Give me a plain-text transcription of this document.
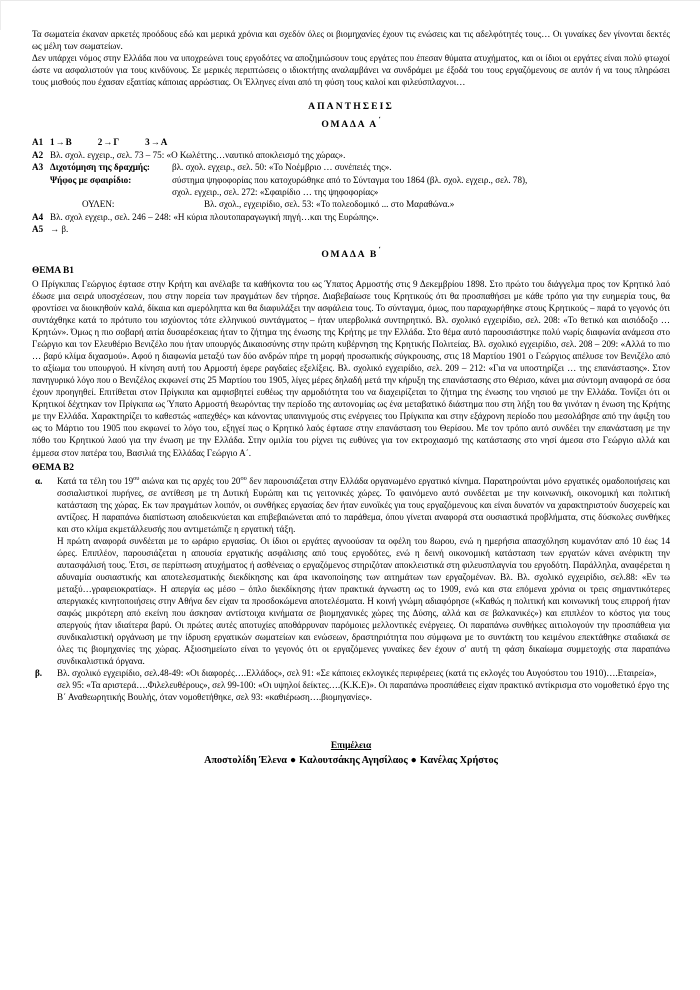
Τα σωματεία έκαναν αρκετές προόδους εδώ και μερικά χρόνια και σχεδόν όλες οι βιομηχανίες έχουν τις ενώσεις και τις αδελφότητές τους… Οι γυναίκες δεν γίνονται δεκτές ως μέλη των σωματείων.

Δεν υπάρχει νόμος στην Ελλάδα που να υποχρεώνει τους εργοδότες να αποζημιώσουν τους εργάτες που έπεσαν θύματα ατυχήματος, και οι ίδιοι οι εργάτες είναι πολύ φτωχοί ώστε να ασφαλιστούν για τους κινδύνους. Σε μερικές περιπτώσεις ο ιδιοκτήτης αναλαμβάνει να συνδράμει με έξοδά του τους εργαζόμενους σε αυτόν ή να τους πληρώσει τους μισθούς που έχασαν εξαιτίας κάποιας αρρώστιας. Οι Έλληνες είναι από τη φύση τους καλοί και φιλεύσπλαχνοι…

ΑΠΑΝΤΗΣΕΙΣ
ΟΜΑΔΑ Α΄
A1 1→Β	2→Γ	3→Α
A2 Βλ. σχολ. εγχειρ., σελ. 73 – 75: «Ο Κωλέττης…ναυτικό αποκλεισμό της χώρας».
A3 Διχοτόμηση της δραχμής:	βλ. σχολ. εγχειρ., σελ. 50: «Το Νοέμβριο … συνέπειές της».
Ψήφος με σφαιρίδιο:	σύστημα ψηφοφορίας που κατοχυρώθηκε από το Σύνταγμα του 1864 (βλ. σχολ. εγχειρ., σελ. 78),
σχολ. εγχειρ., σελ. 272: «Σφαιρίδιο … της ψηφοφορίας»
ΟΥΛΕΝ:	Βλ. σχολ., εγχειρίδιο, σελ. 53: «Το πολεοδομικό ... στο Μαραθώνα.»
A4 Βλ. σχολ εγχειρ., σελ. 246 – 248: «Η κύρια πλουτοπαραγωγική πηγή…και της Ευρώπης».
A5 → β.
ΟΜΑΔΑ Β΄
ΘΕΜΑ Β1

Ο Πρίγκιπας Γεώργιος έφτασε στην Κρήτη και ανέλαβε τα καθήκοντα του ως Ύπατος Αρμοστής στις 9 Δεκεμβρίου 1898. Στο πρώτο του διάγγελμα προς τον Κρητικό λαό έδωσε μια σειρά υποσχέσεων, που στην πορεία των πραγμάτων δεν τήρησε. Διαβεβαίωσε τους Κρητικούς ότι θα προσπαθήσει με κάθε τρόπο για την ευημερία τους, θα φροντίσει να διοικηθούν καλά, δίκαια και αμερόληπτα και θα διαφυλάξει την ασφάλεια τους. Το σύνταγμα, όμως, που παραχωρήθηκε στους Κρητικούς – παρά το γεγονός ότι συντάχθηκε κατά το πρότυπο του ισχύοντος τότε ελληνικού συντάγματος – ήταν υπερβολικά συντηρητικό. Βλ. σχολικό εγχειρίδιο, σελ. 208: «Το θετικό και αισιόδοξο … Κρητών». Όμως η πιο σοβαρή αιτία δυσαρέσκειας ήταν το ζήτημα της ένωσης της Κρήτης με την Ελλάδα. Στο θέμα αυτό παρουσιάστηκε πολύ νωρίς διαφωνία ανάμεσα στο Γεώργιο και τον Ελευθέριο Βενιζέλο που ήταν υπουργός Δικαιοσύνης στην πρώτη κυβέρνηση της Κρητικής Πολιτείας. Βλ. σχολικό εγχειρίδιο, σελ. 208 – 209: «Αλλά το πιο … βαρύ κλίμα διχασμού». Αφού η διαφωνία μεταξύ των δύο ανδρών πήρε τη μορφή προσωπικής σύγκρουσης, στις 18 Μαρτίου 1901 ο Γεώργιος απέλυσε τον Βενιζέλο από το αξίωμα του υπουργού. Η κίνηση αυτή του Αρμοστή έφερε ραγδαίες εξελίξεις. Βλ. σχολικό εγχειρίδιο, σελ. 209 – 212: «Για να υποστηρίζει … της επανάστασης». Στον πανηγυρικό λόγο που ο Βενιζέλος εκφωνεί στις 25 Μαρτίου του 1905, λίγες μέρες δηλαδή μετά την κήρυξη της επανάστασης στο Θέρισο, κάνει μια σύντομη αναφορά σε όσα έχουν προηγηθεί. Επιτίθεται στον Πρίγκιπα και αμφισβητεί ευθέως την αρμοδιότητα του να διαχειρίζεται το ζήτημα της ένωσης του νησιού με την Ελλάδα. Τονίζει ότι οι Κρητικοί δέχτηκαν τον Πρίγκιπα ως Ύπατο Αρμοστή θεωρόντας την περίοδο της αυτονομίας ως ένα μεταβατικό διάστημα που στη λήξη του θα γινόταν η ένωση της Κρήτης με την Ελλάδα. Χαρακτηρίζει το καθεστώς «απεχθές» και κάνοντας υπαινιγμούς στις ενέργειες του Πρίγκιπα και στην εξάχρονη περίοδο που μεσολάβησε από την άφιξη του ως το Μάρτιο του 1905 που εκφωνεί το λόγο του, εξηγεί πως ο Κρητικό λαός έφτασε στην επανάσταση του Θερίσου. Με τον τρόπο αυτό συνδέει την επανάσταση με την πόθο του Κρητικού λαού για την ένωση με την Ελλάδα. Στην ομιλία του ρίχνει τις ευθύνες για τον εκτροχιασμό της κατάστασης στο νησί άμεσα στο Γεώργιο αλλά και έμμεσα στον πατέρα του, Βασιλιά της Ελλάδας Γεώργιο Α΄.

ΘΕΜΑ Β2
α.	Κατά τα τέλη του $19^{o\upsilon}$ αιώνα και τις αρχές του $20^{o\upsilon}$ δεν παρουσιάζεται στην Ελλάδα οργανωμένο εργατικό κίνημα. Παρατηρούνται μόνο εργατικές ομαδοποιήσεις και σοσιαλιστικοί πυρήνες, σε αντίθεση με τη Δυτική Ευρώπη και τις γειτονικές χώρες. Το φαινόμενο αυτό συνδέεται με την κοινωνική, οικονομική και πολιτική κατάσταση της χώρας. Εκ των πραγμάτων λοιπόν, οι συνθήκες εργασίας δεν ήταν ευνοϊκές για τους εργαζόμενους και είναι δυνατόν να χαρακτηριστούν δυσχερείς και αντίζοες. Η παραπάνω διαπίστωση αποδεικνύεται και επιβεβαιώνεται από το παράθεμα, όπου γίνεται αναφορά στα ουσιαστικά προβλήματα, στις δύσκολες συνθήκες και στο κλίμα εκμετάλλευσής που αντιμετώπιζε η εργατική τάξη.

Η πρώτη αναφορά συνδέεται με το ωράριο εργασίας. Οι ίδιοι οι εργάτες αγνοούσαν τα οφέλη του 8ωρου, ενώ η ημερήσια απασχόληση κυμανόταν από 10 έως 14 ώρες. Επιπλέον, παρουσιάζεται η απουσία εργατικής ασφάλισης από τους εργοδότες, ενώ η δεινή οικονομική κατάσταση των εργατών κάνει ανέφικτη την αυτασφάλισή τους. Έτσι, σε περίπτωση ατυχήματος ή ασθένειας ο εργαζόμενος στηριζόταν αποκλειστικά στη φιλευσπλαγνία του εργοδότη. Παράλληλα, αναφέρεται η αδυναμία ουσιαστικής και αποτελεσματικής διεκδίκησης και άρα ικανοποίησης των αιτημάτων των εργαζομένων. Βλ. Βλ. σχολικό εγχειρίδιο, σελ.88: «Εν τω μεταξύ…γραφειοκρατίας». Η απεργία ως μέσο – όπλο διεκδίκησης ήταν πρακτικά άγνωστη ως το 1909, ενώ και στα επόμενα χρόνια οι τρεις σημαντικότερες απεργιακές κινητοποιήσεις στην Αθήνα δεν είχαν τα προσδοκώμενα αποτελέσματα. Η κοινή γνώμη αδιαφόρησε («Καθώς η πολιτική και κοινωνική τους επιρροή ήταν σαφώς μικρότερη από εκείνη που άσκησαν αντίστοιχα κινήματα σε βιομηχανικές χώρες της Δύσης, αλλά και σε βαλκανικές») και επιπλέον το κόστος για τους απεργούς ήταν ιδιαίτερα βαρύ. Οι πρώτες αυτές αποτυχίες αποθάρρυναν παρόμοιες μελλοντικές ενέργειες. Οι παραπάνω συνθήκες αιτιολογούν την προσπάθεια για συνδικαλιστική οργάνωση με την ίδρυση εργατικών σωματείων και ενώσεων, δραστηριότητα που σύμφωνα με το συντάκτη του κειμένου επεκτάθηκε σταδιακά σε όλες τις βιομηχανίες της χώρας. Αξιοσημείωτο είναι το γεγονός ότι οι εργαζόμενες γυναίκες δεν έχουν σ' αυτή τη φάση δικαίωμα συμμετοχής στα παραπάνω συνδικαλιστικά όργανα.

β.	Βλ. σχολικό εγχειρίδιο, σελ.48-49: «Οι διαφορές….Ελλάδος», σελ 91: «Σε κάποιες εκλογικές περιφέρειες (κατά τις εκλογές του Αυγούστου του 1910)….Εταιρεία», σελ 95: «Τα αριστερά….Φιλελευθέρους», σελ 99-100: «Οι υψηλοί δείκτες….(Κ.Κ.Ε)». Οι παραπάνω προσπάθειες είχαν πρακτικό αντίκρισμα στο νομοθετικό έργο της Β΄ Αναθεωρητικής Βουλής, όταν νομοθετήθηκε, σελ 93: «καθιέρωση….βιομηγανίες».

Επιμέλεια
Αποστολίδη Έλενα ● Καλουτσάκης Αγησίλαος ● Κανέλας Χρήστος
